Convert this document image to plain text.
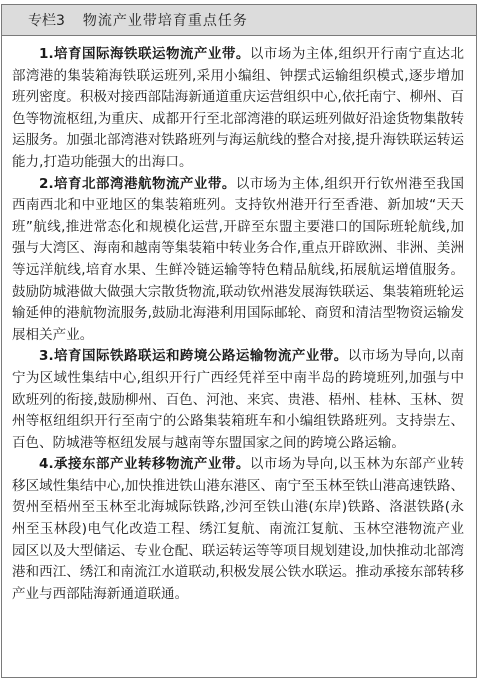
专栏3 物流产业带培育重点任务

1.培育国际海铁联运物流产业带。以市场为主体,组织开行南宁直达北部湾港的集装箱海铁联运班列,采用小编组、钟摆式运输组织模式,逐步增加班列密度。积极对接西部陆海新通道重庆运营组织中心,依托南宁、柳州、百色等物流枢纽,为重庆、成都开行至北部湾港的联运班列做好沿途货物集散转运服务。加强北部湾港对铁路班列与海运航线的整合对接,提升海铁联运转运能力,打造功能强大的出海口。

2.培育北部湾港航物流产业带。以市场为主体,组织开行钦州港至我国西南西北和中亚地区的集装箱班列。支持钦州港开行至香港、新加坡“天天班”航线,推进常态化和规模化运营,开辟至东盟主要港口的国际班轮航线,加强与大湾区、海南和越南等集装箱中转业务合作,重点开辟欧洲、非洲、美洲等远洋航线,培育水果、生鲜冷链运输等特色精品航线,拓展航运增值服务。鼓励防城港做大做强大宗散货物流,联动钦州港发展海铁联运、集装箱班轮运输延伸的港航物流服务,鼓励北海港利用国际邮轮、商贸和清洁型物资运输发展相关产业。

3.培育国际铁路联运和跨境公路运输物流产业带。以市场为导向,以南宁为区域性集结中心,组织开行广西经凭祥至中南半岛的跨境班列,加强与中欧班列的衔接,鼓励柳州、百色、河池、来宾、贵港、梧州、桂林、玉林、贺州等枢纽组织开行至南宁的公路集装箱班车和小编组铁路班列。支持崇左、百色、防城港等枢纽发展与越南等东盟国家之间的跨境公路运输。

4.承接东部产业转移物流产业带。以市场为导向,以玉林为东部产业转移区域性集结中心,加快推进铁山港东港区、南宁至玉林至铁山港高速铁路、贺州至梧州至玉林至北海城际铁路,沙河至铁山港(东岸)铁路、洛湛铁路(永州至玉林段)电气化改造工程、绣江复航、南流江复航、玉林空港物流产业园区以及大型储运、专业仓配、联运转运等等项目规划建设,加快推动北部湾港和西江、绣江和南流江水道联动,积极发展公铁水联运。推动承接东部转移产业与西部陆海新通道联通。
